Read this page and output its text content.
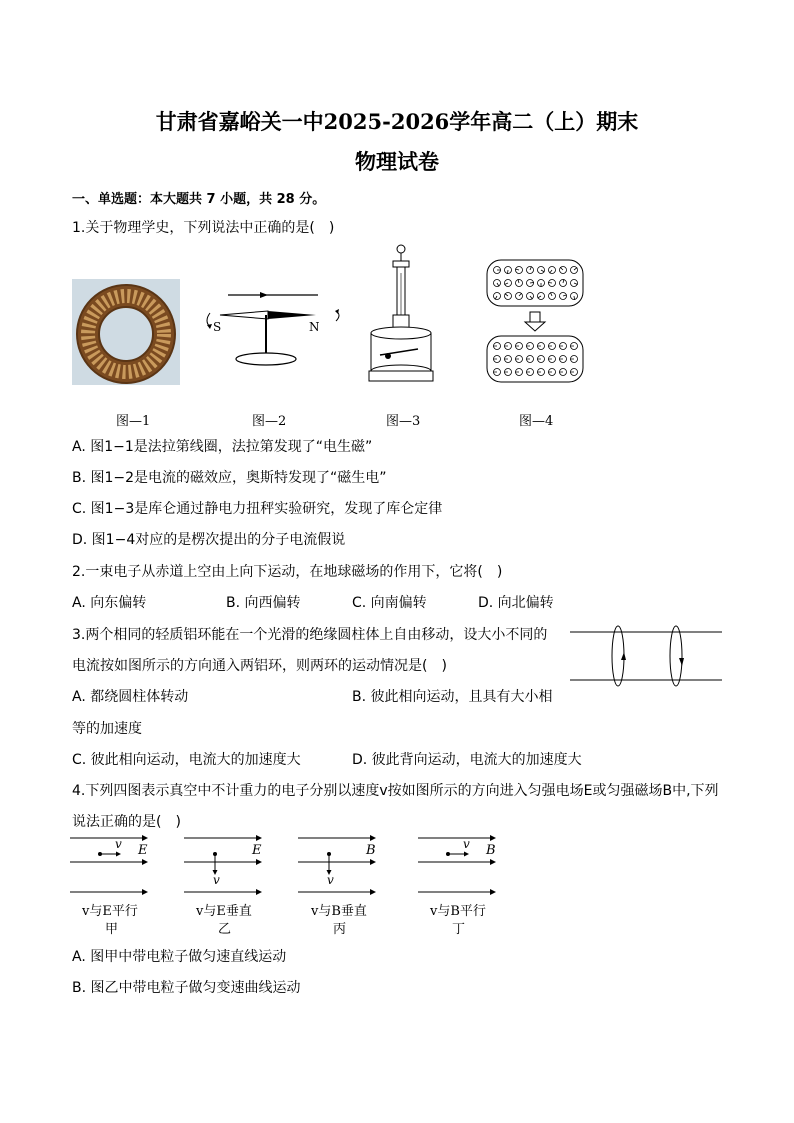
甘肃省嘉峪关一中2025-2026学年高二（上）期末
物理试卷
一、单选题：本大题共 7 小题，共 28 分。
1.关于物理学史，下列说法中正确的是(　)
S	N
图—1	图—2	图—3	图—4
A. 图1−1是法拉第线圈，法拉第发现了“电生磁”
B. 图1−2是电流的磁效应，奥斯特发现了“磁生电”
C. 图1−3是库仑通过静电力扭秤实验研究，发现了库仑定律
D. 图1−4对应的是楞次提出的分子电流假说
2.一束电子从赤道上空由上向下运动，在地球磁场的作用下，它将(　)
A. 向东偏转	B. 向西偏转	C. 向南偏转	D. 向北偏转
3.两个相同的轻质铝环能在一个光滑的绝缘圆柱体上自由移动，设大小不同的
电流按如图所示的方向通入两铝环，则两环的运动情况是(　)
A. 都绕圆柱体转动	B. 彼此相向运动，且具有大小相
等的加速度
C. 彼此相向运动，电流大的加速度大	D. 彼此背向运动，电流大的加速度大
4.下列四图表示真空中不计重力的电子分别以速度v按如图所示的方向进入匀强电场E或匀强磁场B中,下列
说法正确的是(　)
v E
v与E平行
甲
v
E
v与E垂直
乙
v
B
v与B垂直
丙
v B
v与B平行
丁
A. 图甲中带电粒子做匀速直线运动
B. 图乙中带电粒子做匀变速曲线运动
